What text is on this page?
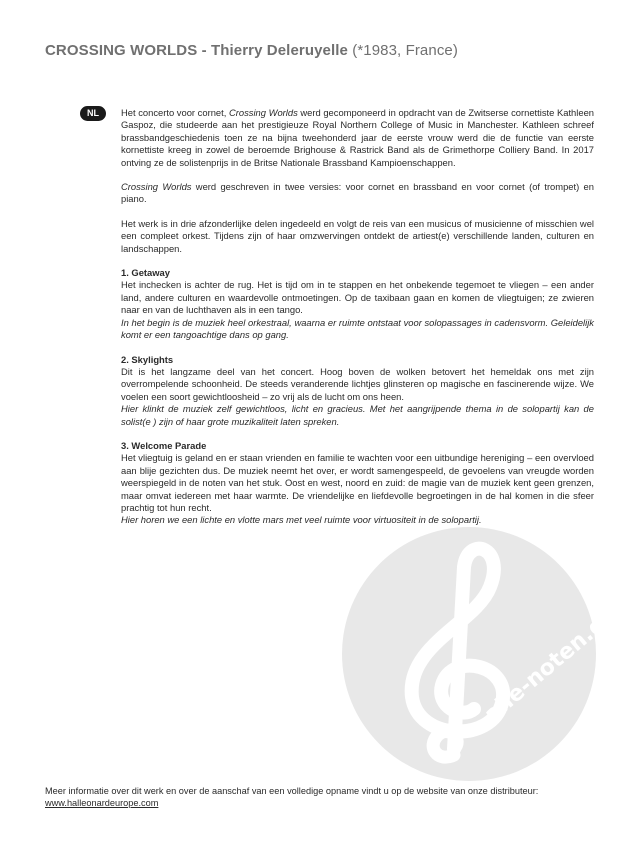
CROSSING WORLDS - Thierry Deleruyelle (*1983, France)
NL	Het concerto voor cornet, Crossing Worlds werd gecomponeerd in opdracht van de Zwitserse cornettiste Kathleen Gaspoz, die studeerde aan het prestigieuze Royal Northern College of Music in Manchester. Kathleen schreef brassbandgeschiedenis toen ze na bijna tweehonderd jaar de eerste vrouw werd die de functie van eerste kornettiste kreeg in zowel de beroemde Brighouse & Rastrick Band als de Grimethorpe Colliery Band. In 2017 ontving ze de solistenprijs in de Britse Nationale Brassband Kampioenschappen.

Crossing Worlds werd geschreven in twee versies: voor cornet en brassband en voor cornet (of trompet) en piano.

Het werk is in drie afzonderlijke delen ingedeeld en volgt de reis van een musicus of musicienne of misschien wel een compleet orkest. Tijdens zijn of haar omzwervingen ontdekt de artiest(e) verschillende landen, culturen en landschappen.

1. Getaway
Het inchecken is achter de rug. Het is tijd om in te stappen en het onbekende tegemoet te vliegen – een ander land, andere culturen en waardevolle ontmoetingen. Op de taxibaan gaan en komen de vliegtuigen; ze zwieren naar en van de luchthaven als in een tango.
In het begin is de muziek heel orkestraal, waarna er ruimte ontstaat voor solopassages in cadensvorm. Geleidelijk komt er een tangoachtige dans op gang.
2. Skylights
Dit is het langzame deel van het concert. Hoog boven de wolken betovert het hemeldak ons met zijn overrompelende schoonheid. De steeds veranderende lichtjes glinsteren op magische en fascinerende wijze. We voelen een soort gewichtloosheid – zo vrij als de lucht om ons heen.
Hier klinkt de muziek zelf gewichtloos, licht en gracieus. Met het aangrijpende thema in de solopartij kan de solist(e ) zijn of haar grote muzikaliteit laten spreken.
3. Welcome Parade
Het vliegtuig is geland en er staan vrienden en familie te wachten voor een uitbundige hereniging – een overvloed aan blije gezichten dus. De muziek neemt het over, er wordt samengespeeld, de gevoelens van vreugde worden weerspiegeld in de noten van het stuk. Oost en west, noord en zuid: de magie van de muziek kent geen grenzen, maar omvat iedereen met haar warmte. De vriendelijke en liefdevolle begroetingen in de hal komen in die sfeer prachtig tot hun recht.
Hier horen we een lichte en vlotte mars met veel ruimte voor virtuositeit in de solopartij.
alle-noten.de
Meer informatie over dit werk en over de aanschaf van een volledige opname vindt u op de website van onze distributeur:
www.halleonardeurope.com
